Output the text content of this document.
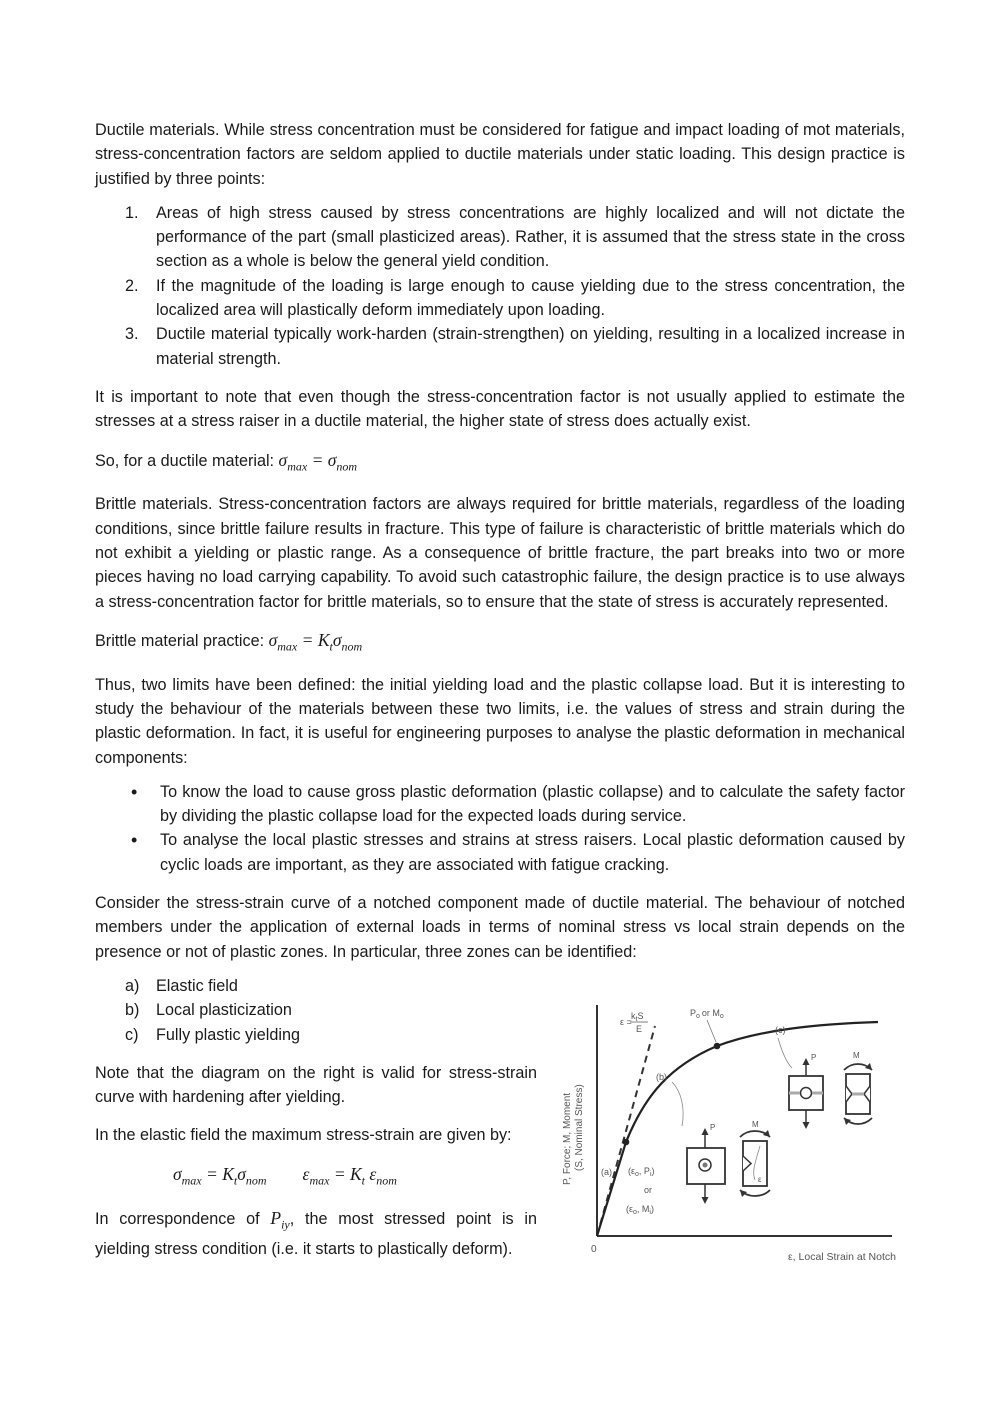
Ductile materials. While stress concentration must be considered for fatigue and impact loading of mot materials, stress-concentration factors are seldom applied to ductile materials under static loading. This design practice is justified by three points:

1. Areas of high stress caused by stress concentrations are highly localized and will not dictate the performance of the part (small plasticized areas). Rather, it is assumed that the stress state in the cross section as a whole is below the general yield condition.
2. If the magnitude of the loading is large enough to cause yielding due to the stress concentration, the localized area will plastically deform immediately upon loading.
3. Ductile material typically work-harden (strain-strengthen) on yielding, resulting in a localized increase in material strength.

It is important to note that even though the stress-concentration factor is not usually applied to estimate the stresses at a stress raiser in a ductile material, the higher state of stress does actually exist.

So, for a ductile material: $\sigma_{max} = \sigma_{nom}$

Brittle materials. Stress-concentration factors are always required for brittle materials, regardless of the loading conditions, since brittle failure results in fracture. This type of failure is characteristic of brittle materials which do not exhibit a yielding or plastic range. As a consequence of brittle fracture, the part breaks into two or more pieces having no load carrying capability. To avoid such catastrophic failure, the design practice is to use always a stress-concentration factor for brittle materials, so to ensure that the state of stress is accurately represented.

Brittle material practice: $\sigma_{max} = K_t\sigma_{nom}$

Thus, two limits have been defined: the initial yielding load and the plastic collapse load. But it is interesting to study the behaviour of the materials between these two limits, i.e. the values of stress and strain during the plastic deformation. In fact, it is useful for engineering purposes to analyse the plastic deformation in mechanical components:

• To know the load to cause gross plastic deformation (plastic collapse) and to calculate the safety factor by dividing the plastic collapse load for the expected loads during service.
• To analyse the local plastic stresses and strains at stress raisers. Local plastic deformation caused by cyclic loads are important, as they are associated with fatigue cracking.

Consider the stress-strain curve of a notched component made of ductile material. The behaviour of notched members under the application of external loads in terms of nominal stress vs local strain depends on the presence or not of plastic zones. In particular, three zones can be identified:

a) Elastic field
b) Local plasticization
c) Fully plastic yielding

Note that the diagram on the right is valid for stress-strain curve with hardening after yielding.

In the elastic field the maximum stress-strain are given by:

$\sigma_{max} = K_t\sigma_{nom}$ $\varepsilon_{max} = K_t$ $\varepsilon_{nom}$

In correspondence of $P_{iy}$, the most stressed point is in yielding stress condition (i.e. it starts to plastically deform).	0
ε, Local Strain at Notch
P, Force; M, Moment (S, Nominal Stress)
ε =
$k_tS$
E
$P_o$ or $M_o$
(a)
(b)
(c)
($\varepsilon_o$, $P_i$)
or
($\varepsilon_o$, $M_i$)
ε
P	M
P	M
